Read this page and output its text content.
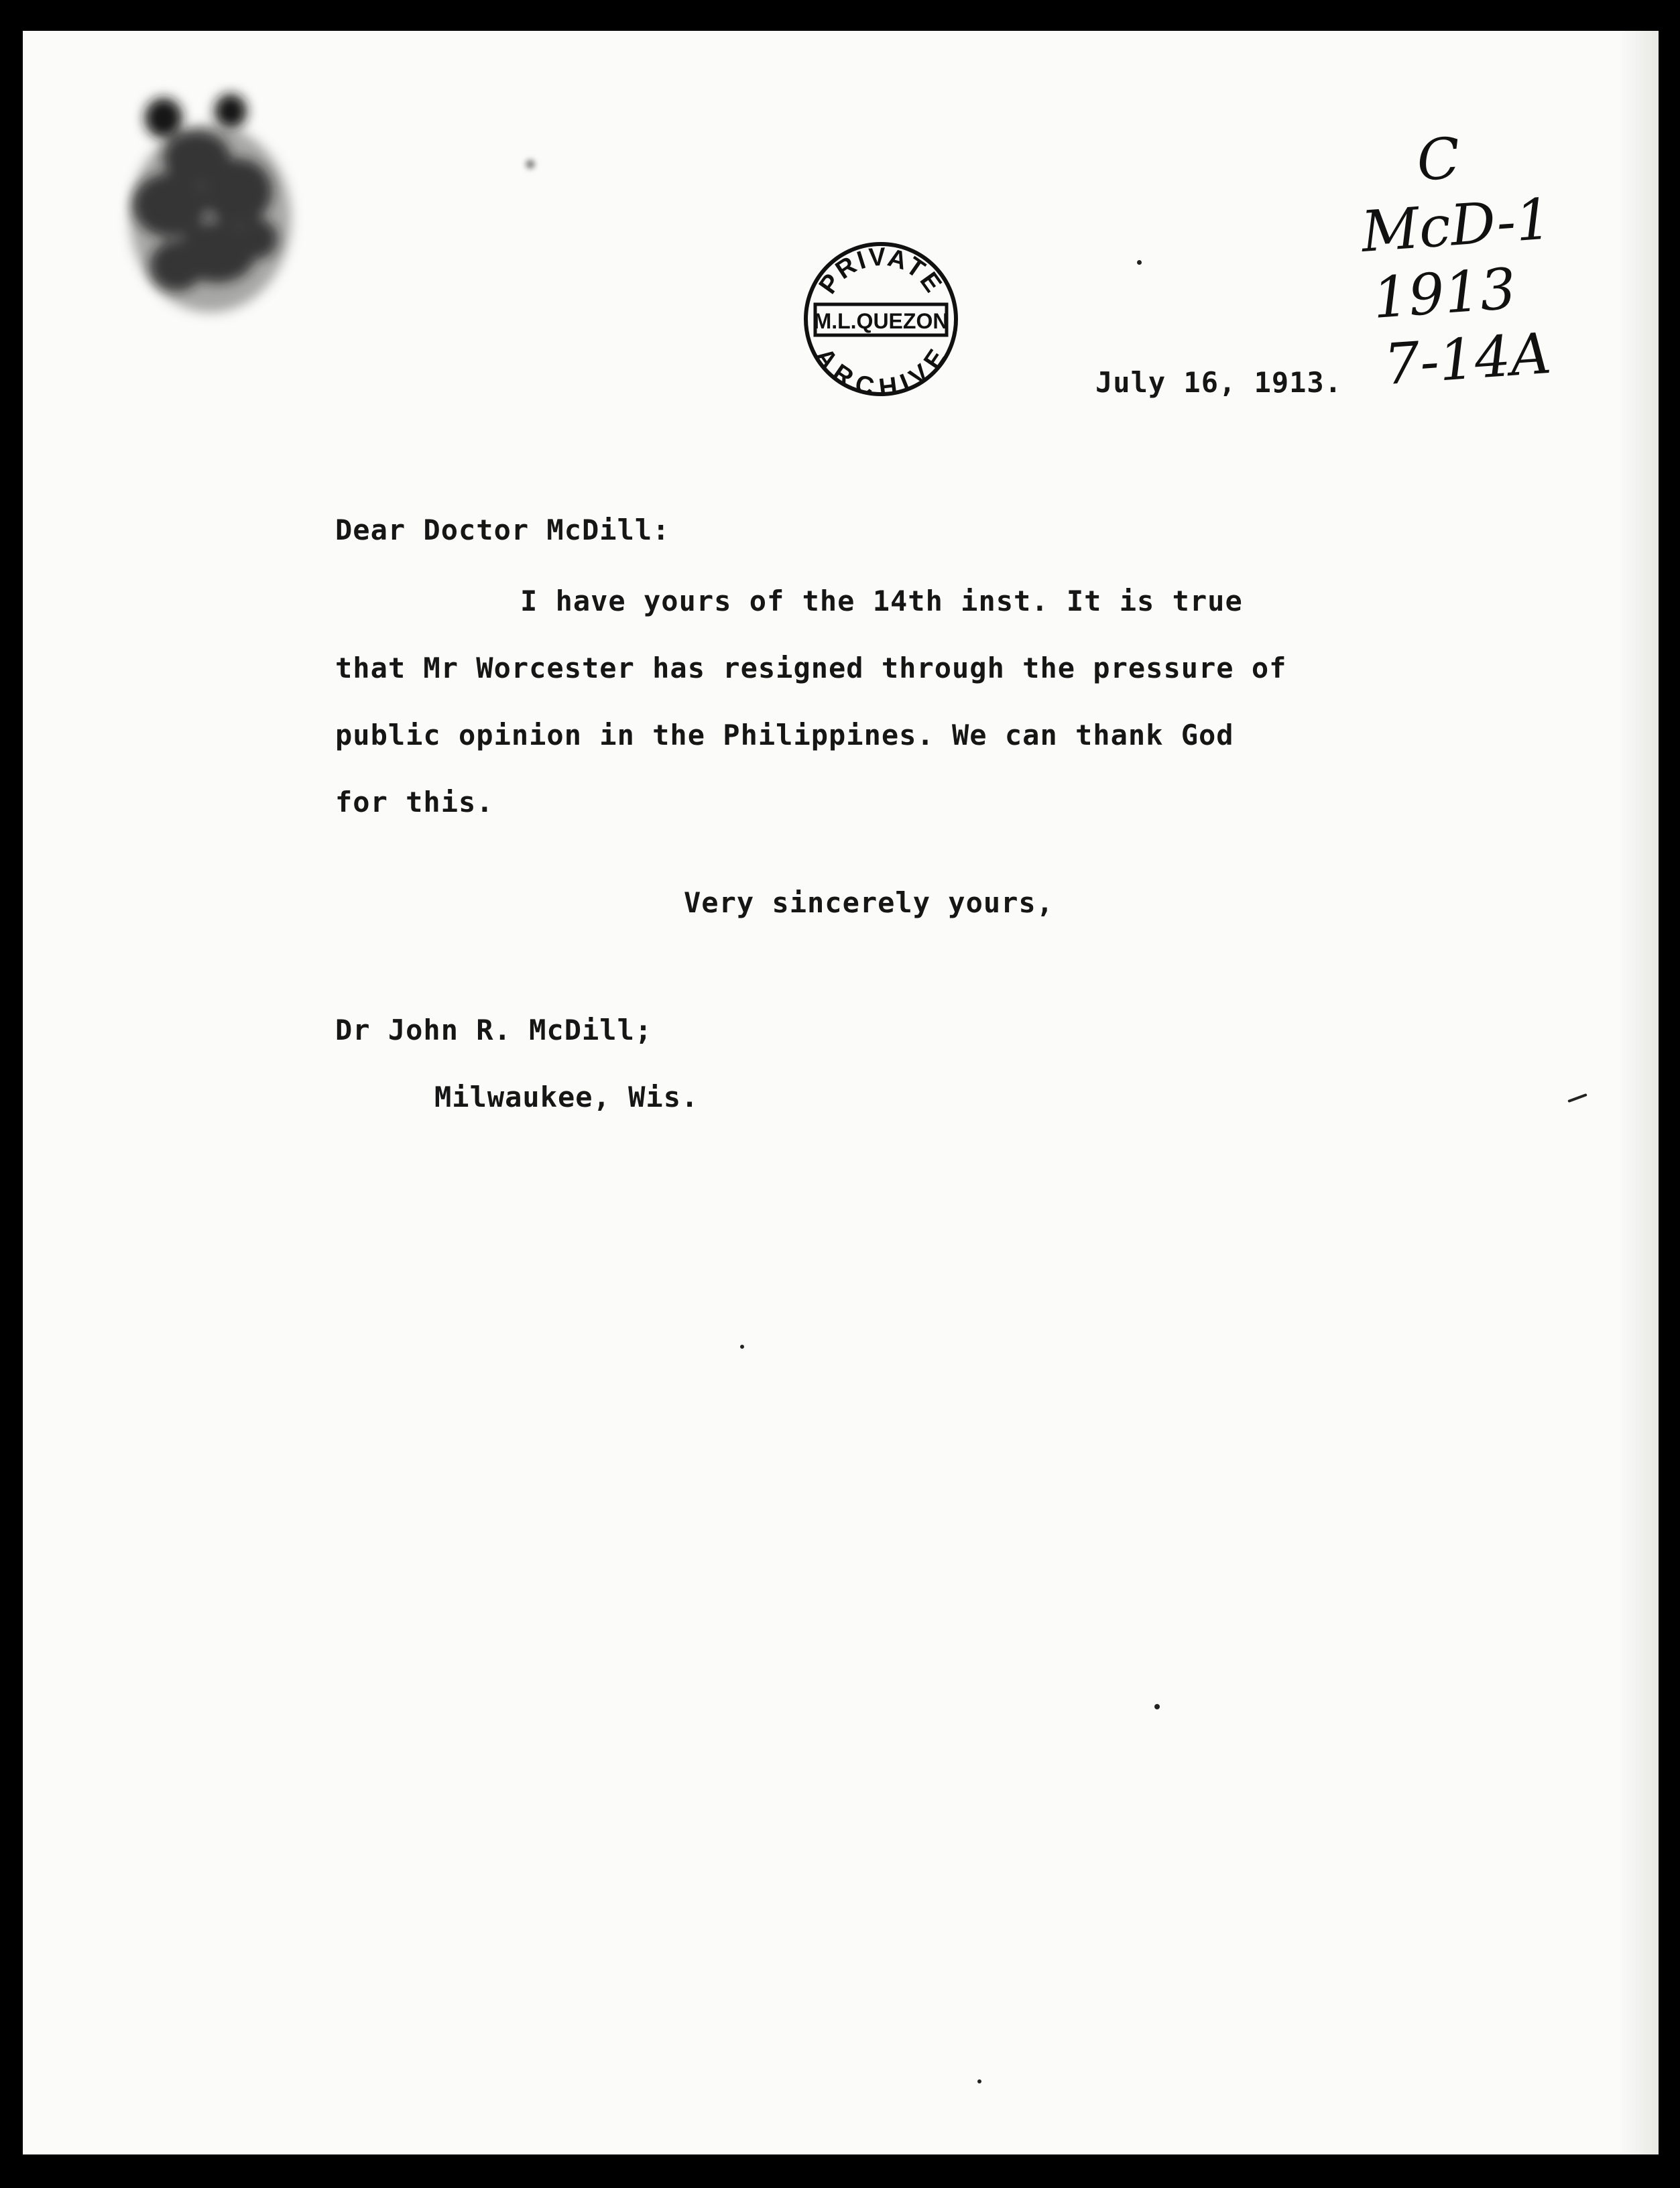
PRIVATE
M.L.QUEZON
ARCHIVE
C
McD-1
1913
7-14A
July 16, 1913.
Dear Doctor McDill:
I have yours of the 14th inst. It is true
that Mr Worcester has resigned through the pressure of
public opinion in the Philippines. We can thank God
for this.
Very sincerely yours,
Dr John R. McDill;
Milwaukee, Wis.
